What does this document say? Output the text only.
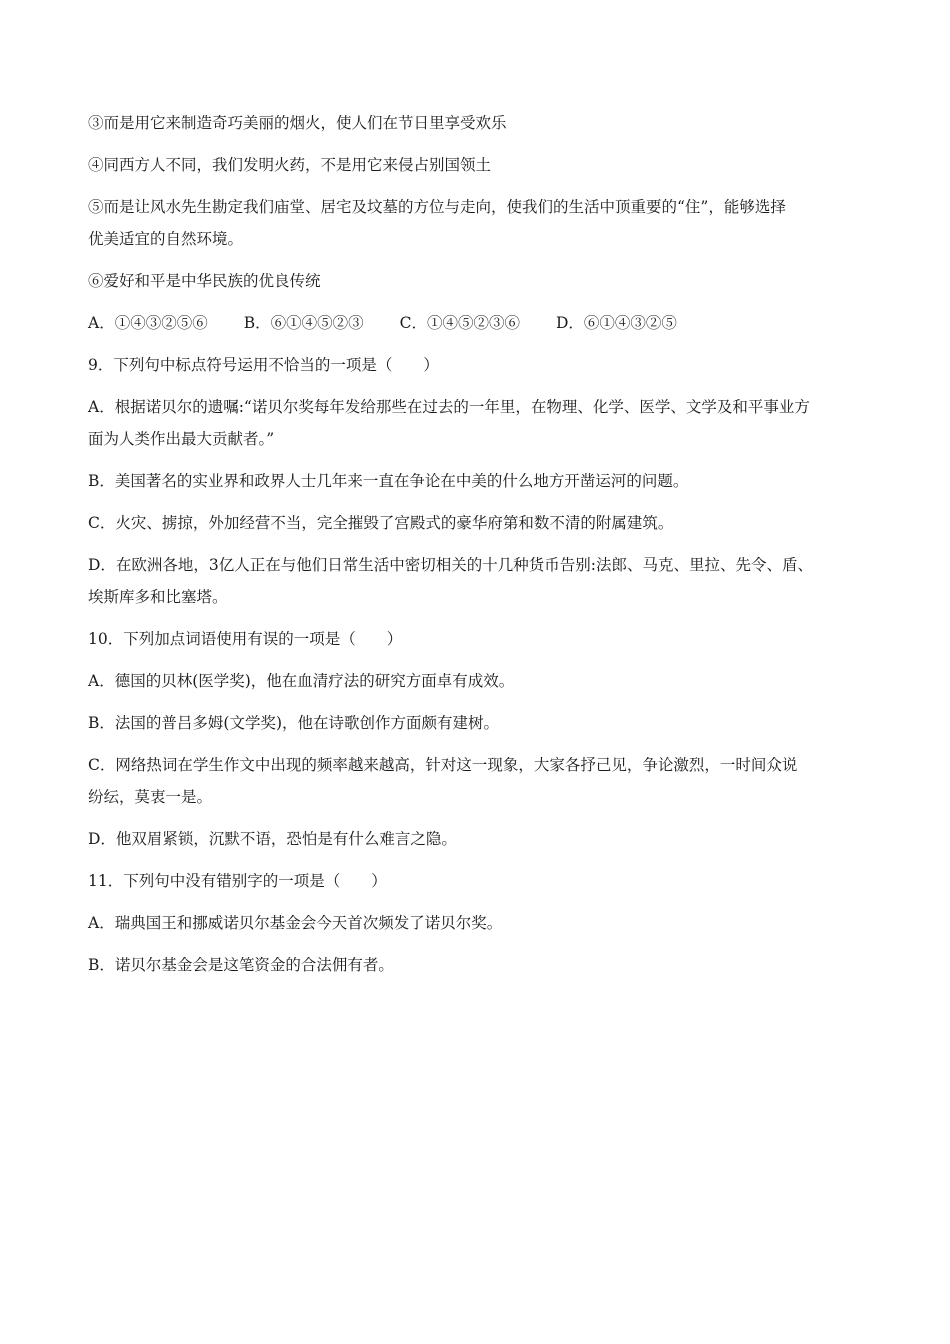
③而是用它来制造奇巧美丽的烟火，使人们在节日里享受欢乐

④同西方人不同，我们发明火药，不是用它来侵占别国领土

⑤而是让风水先生勘定我们庙堂、居宅及坟墓的方位与走向，使我们的生活中顶重要的“住”，能够选择

优美适宜的自然环境。

⑥爱好和平是中华民族的优良传统

A．①④③②⑤⑥ B．⑥①④⑤②③ C．①④⑤②③⑥ D．⑥①④③②⑤

9．下列句中标点符号运用不恰当的一项是（　　）

A．根据诺贝尔的遗嘱:“诺贝尔奖每年发给那些在过去的一年里，在物理、化学、医学、文学及和平事业方

面为人类作出最大贡献者。”

B．美国著名的实业界和政界人士几年来一直在争论在中美的什么地方开凿运河的问题。

C．火灾、掳掠，外加经营不当，完全摧毁了宫殿式的豪华府第和数不清的附属建筑。

D．在欧洲各地，3亿人正在与他们日常生活中密切相关的十几种货币告别:法郎、马克、里拉、先令、盾、

埃斯库多和比塞塔。

10．下列加点词语使用有误的一项是（　　）

A．德国的贝林(医学奖)，他在血清疗法的研究方面卓有成效。

B．法国的普吕多姆(文学奖)，他在诗歌创作方面颇有建树。

C．网络热词在学生作文中出现的频率越来越高，针对这一现象，大家各抒己见，争论激烈，一时间众说

纷纭，莫衷一是。

D．他双眉紧锁，沉默不语，恐怕是有什么难言之隐。

11．下列句中没有错别字的一项是（　　）

A．瑞典国王和挪威诺贝尔基金会今天首次频发了诺贝尔奖。

B．诺贝尔基金会是这笔资金的合法佣有者。
